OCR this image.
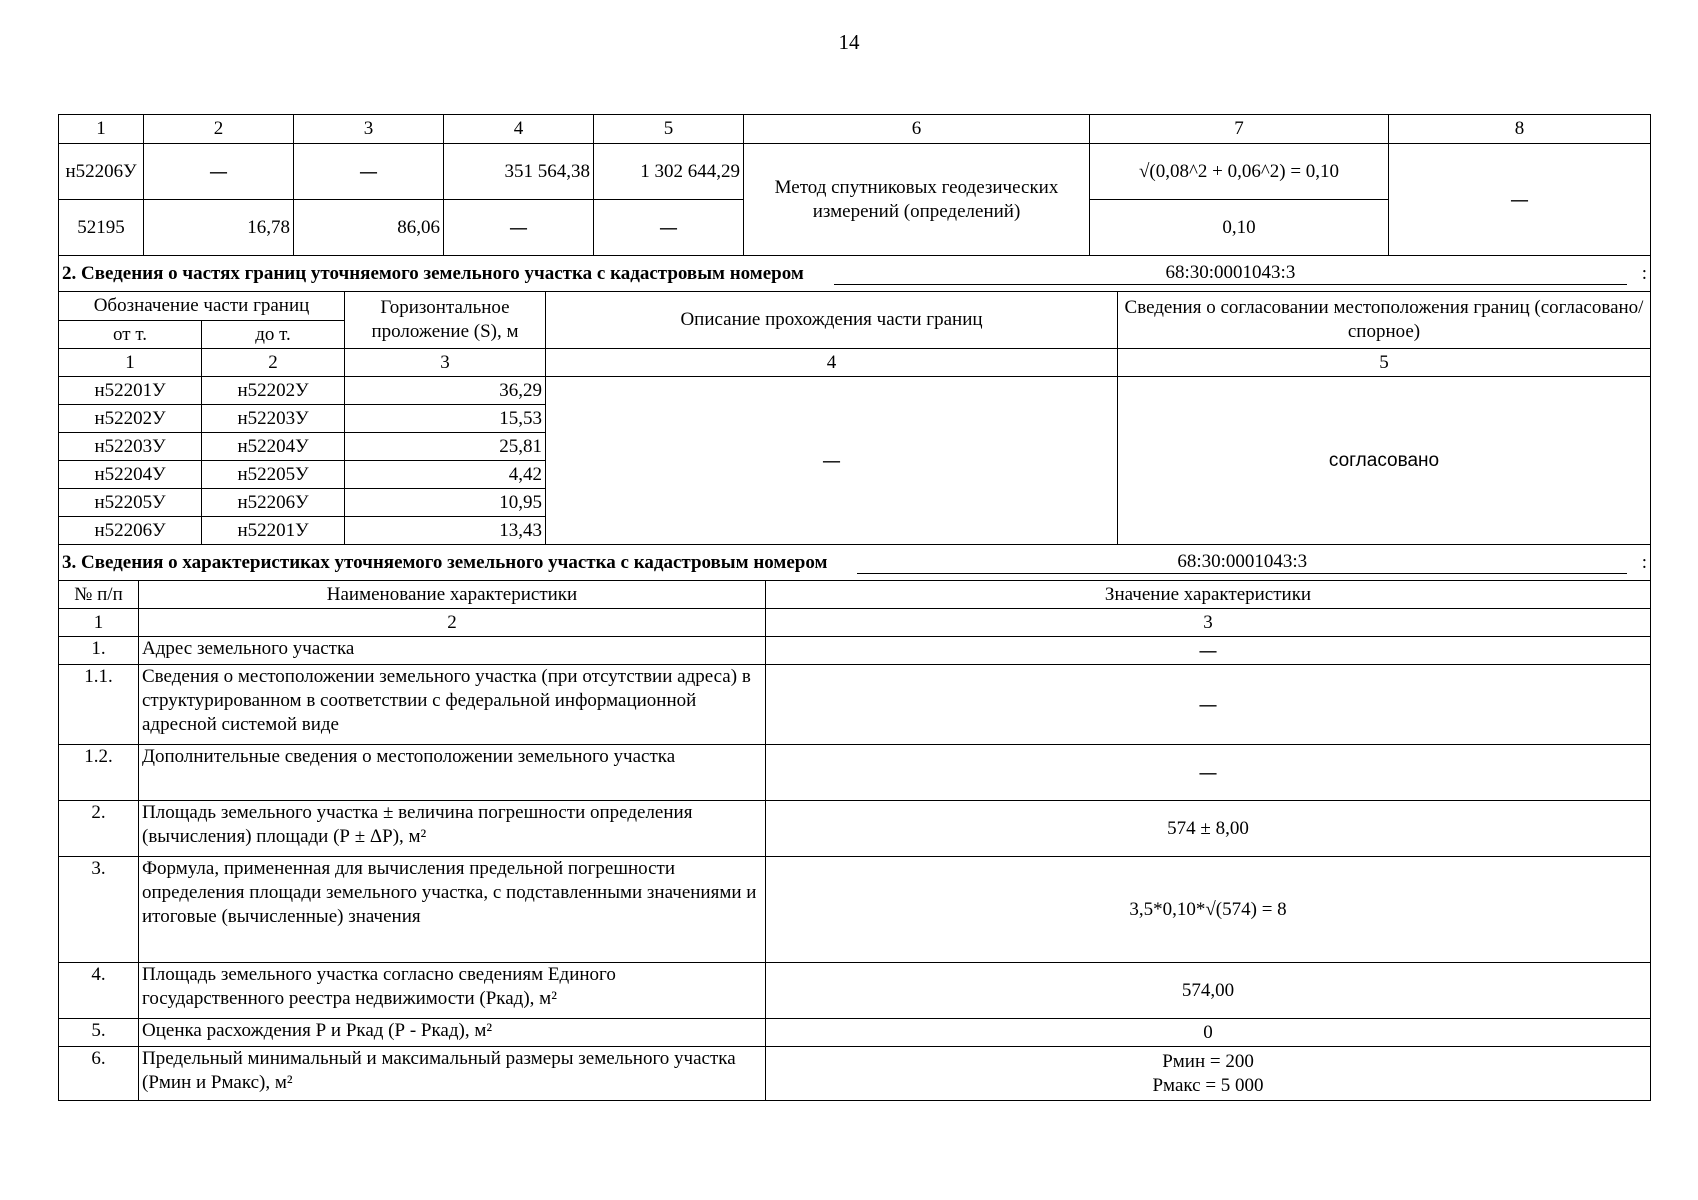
14
1	2	3	4	5	6	7	8
н52206У	—	—	351 564,38	1 302 644,29	Метод спутниковых геодезических измерений (определений)	√(0,08^2 + 0,06^2) = 0,10	—
52195	16,78	86,06	—	—		0,10	
2. Сведения о частях границ уточняемого земельного участка с кадастровым номером 68:30:0001043:3 :				

Обозначение части границ		Горизонтальное проложение (S), м	Описание прохождения части границ	Сведения о согласовании местоположения границ (согласовано/спорное)
от т.	до т.			
1	2	3	4	5
н52201У	н52202У	36,29	—	согласовано
н52202У	н52203У	15,53		
н52203У	н52204У	25,81		
н52204У	н52205У	4,42		
н52205У	н52206У	10,95		
н52206У	н52201У	13,43		
3. Сведения о характеристиках уточняемого земельного участка с кадастровым номером 68:30:0001043:3 :		

№ п/п	Наименование характеристики	Значение характеристики
1	2	3
1.	Адрес земельного участка	—
1.1.	Сведения о местоположении земельного участка (при отсутствии адреса) в структурированном в соответствии с федеральной информационной адресной системой виде	—
1.2.	Дополнительные сведения о местоположении земельного участка	—
2.	Площадь земельного участка ± величина погрешности определения (вычисления) площади (Р ± ΔР), м²	574 ± 8,00
3.	Формула, примененная для вычисления предельной погрешности определения площади земельного участка, с подставленными значениями и итоговые (вычисленные) значения	3,5*0,10*√(574) = 8
4.	Площадь земельного участка согласно сведениям Единого государственного реестра недвижимости (Ркад), м²	574,00
5.	Оценка расхождения Р и Ркад (Р - Ркад), м²	0
6.	Предельный минимальный и максимальный размеры земельного участка (Рмин и Рмакс), м²	Рмин = 200
Рмакс = 5 000
